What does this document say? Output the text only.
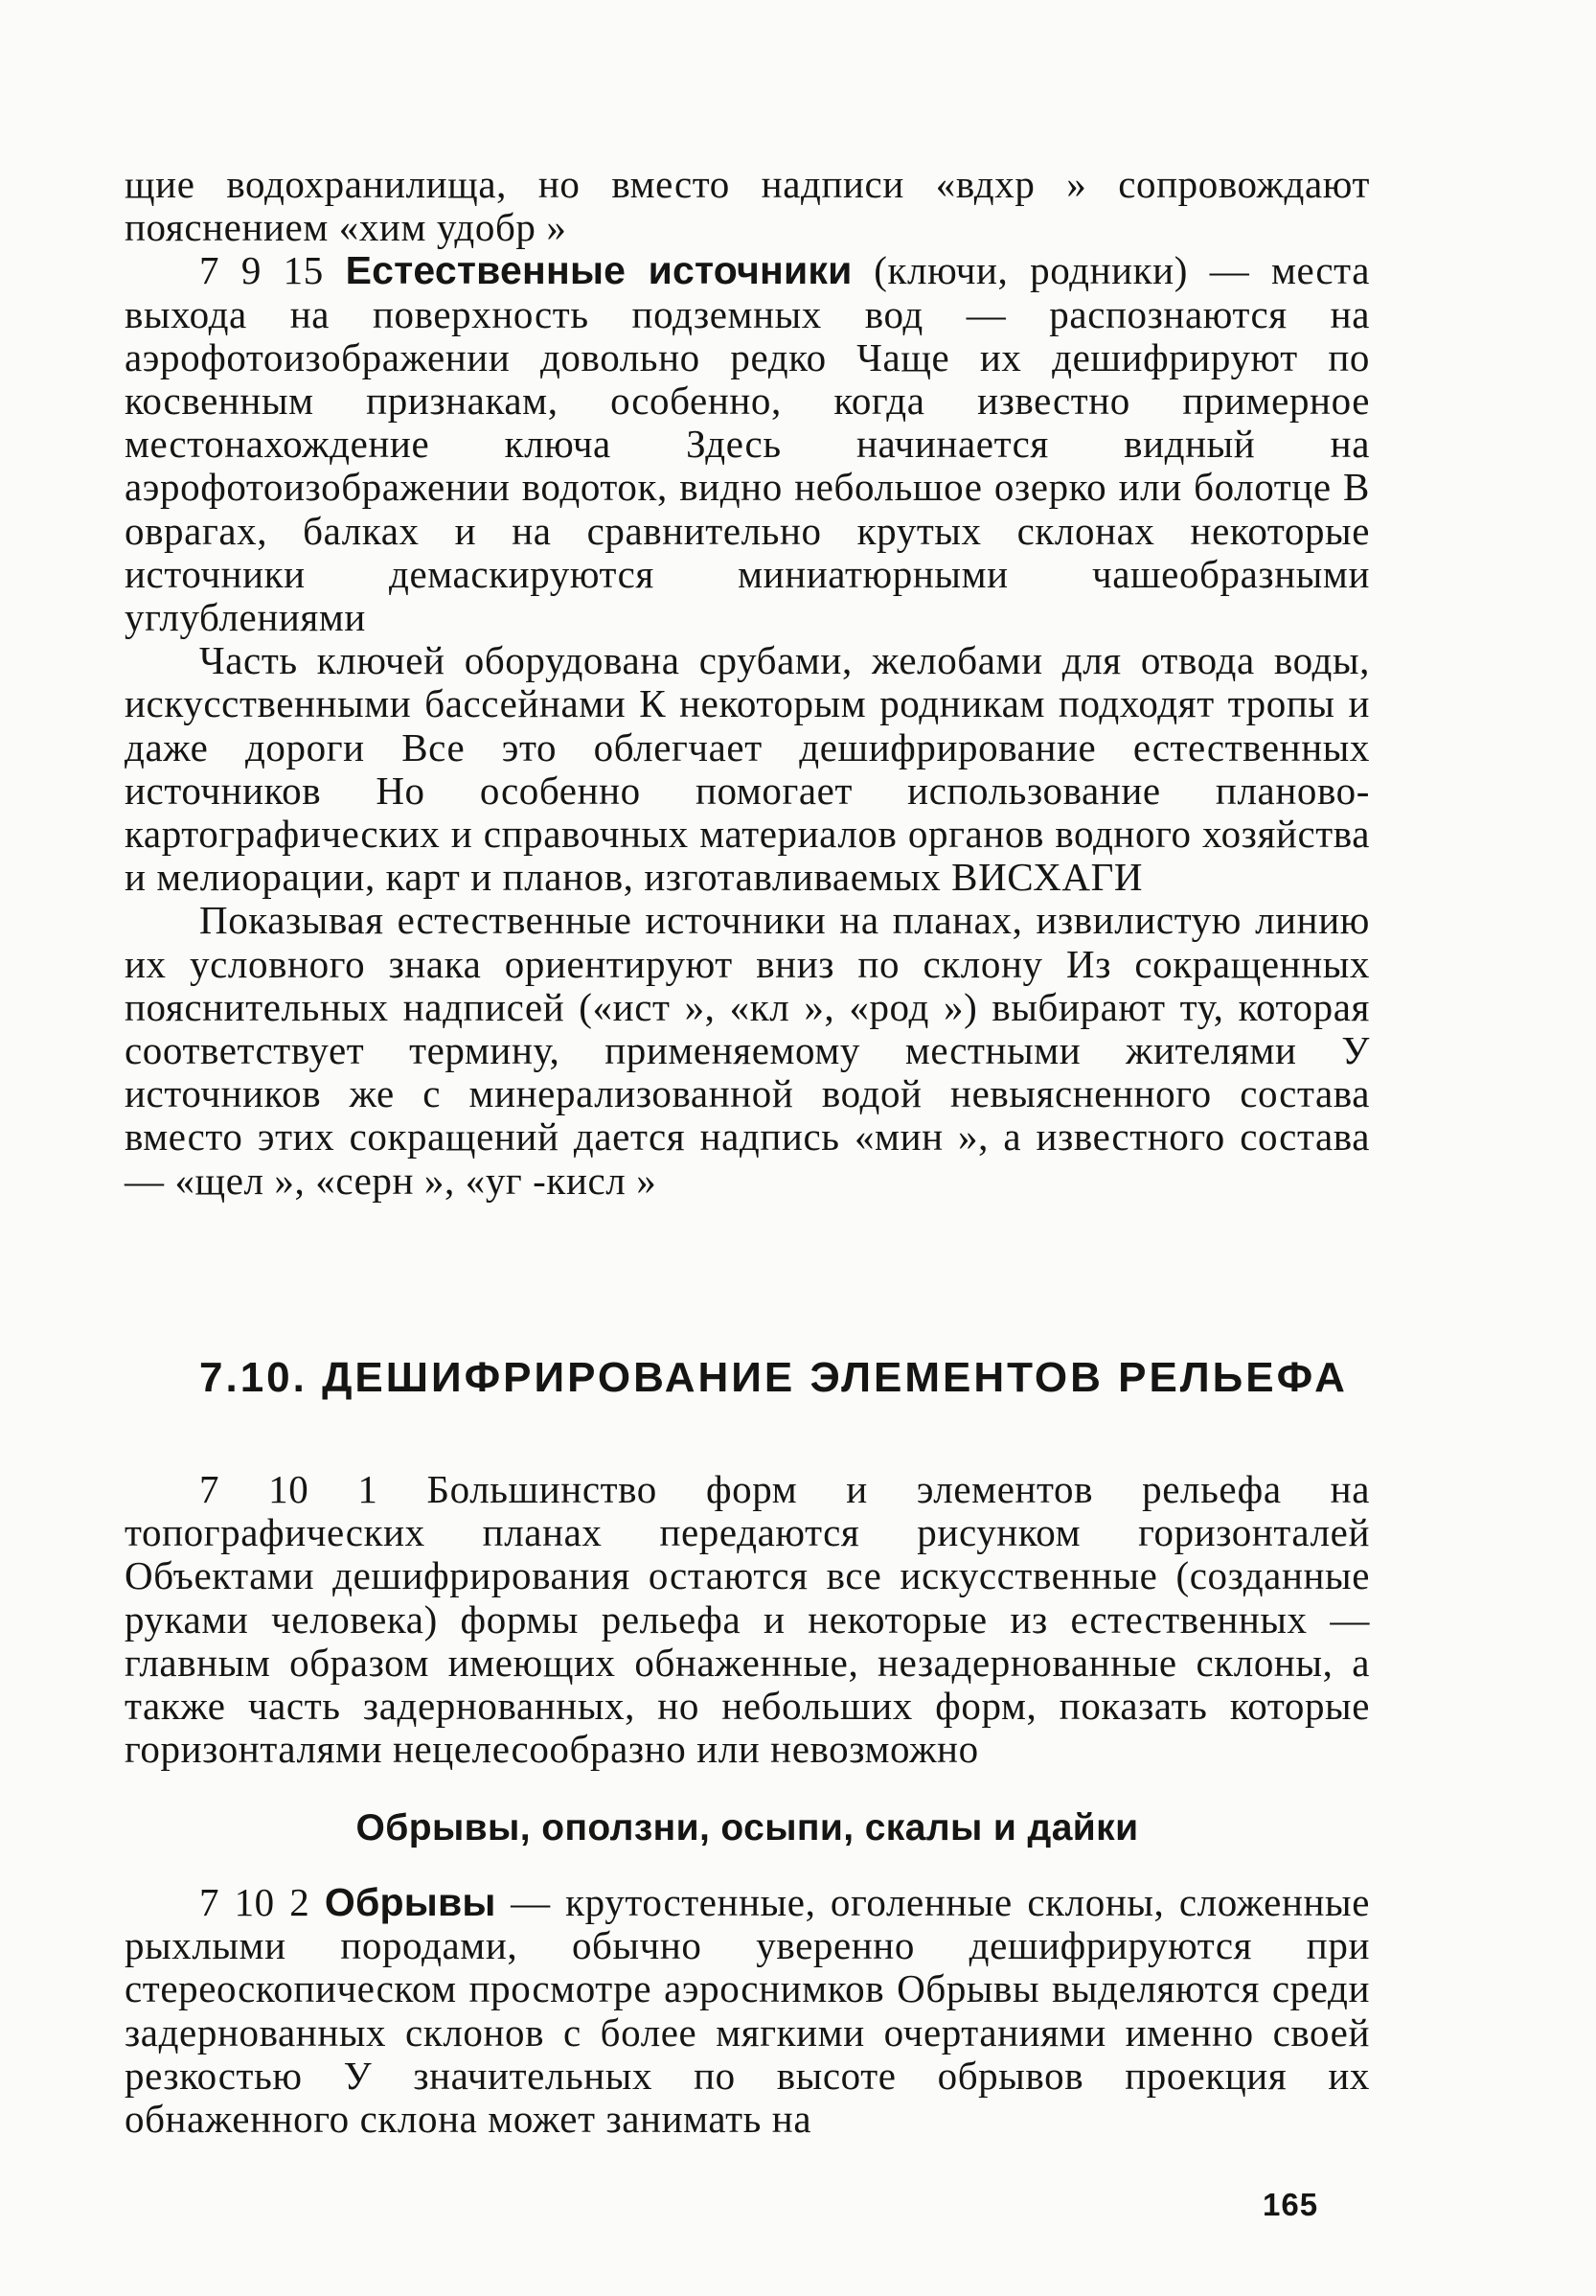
щие водохранилища, но вместо надписи «вдхр » сопровождают пояснением «хим удобр »

7 9 15 Естественные источники (ключи, родники) — места выхода на поверхность подземных вод — распознаются на аэрофотоизображении довольно редко Чаще их дешифрируют по косвенным признакам, особенно, когда известно примерное местонахождение ключа Здесь начинается видный на аэрофотоизображении водоток, видно небольшое озерко или болотце В оврагах, балках и на сравнительно крутых склонах некоторые источники демаскируются миниатюрными чашеобразными углублениями

Часть ключей оборудована срубами, желобами для отвода воды, искусственными бассейнами К некоторым родникам подходят тропы и даже дороги Все это облегчает дешифрирование естественных источников Но особенно помогает использование планово-картографических и справочных материалов органов водного хозяйства и мелиорации, карт и планов, изготавливаемых ВИСХАГИ

Показывая естественные источники на планах, извилистую линию их условного знака ориентируют вниз по склону Из сокращенных пояснительных надписей («ист », «кл », «род ») выбирают ту, которая соответствует термину, применяемому местными жителями У источников же с минерализованной водой невыясненного состава вместо этих сокращений дается надпись «мин », а известного состава — «щел », «серн », «уг -кисл »

7.10. ДЕШИФРИРОВАНИЕ ЭЛЕМЕНТОВ РЕЛЬЕФА

7 10 1 Большинство форм и элементов рельефа на топографических планах передаются рисунком горизонталей Объектами дешифрирования остаются все искусственные (созданные руками человека) формы рельефа и некоторые из естественных — главным образом имеющих обнаженные, незадернованные склоны, а также часть задернованных, но небольших форм, показать которые горизонталями нецелесообразно или невозможно

Обрывы, оползни, осыпи, скалы и дайки

7 10 2 Обрывы — крутостенные, оголенные склоны, сложенные рыхлыми породами, обычно уверенно дешифрируются при стереоскопическом просмотре аэроснимков Обрывы выделяются среди задернованных склонов с более мягкими очертаниями именно своей резкостью У значительных по высоте обрывов проекция их обнаженного склона может занимать на

165
